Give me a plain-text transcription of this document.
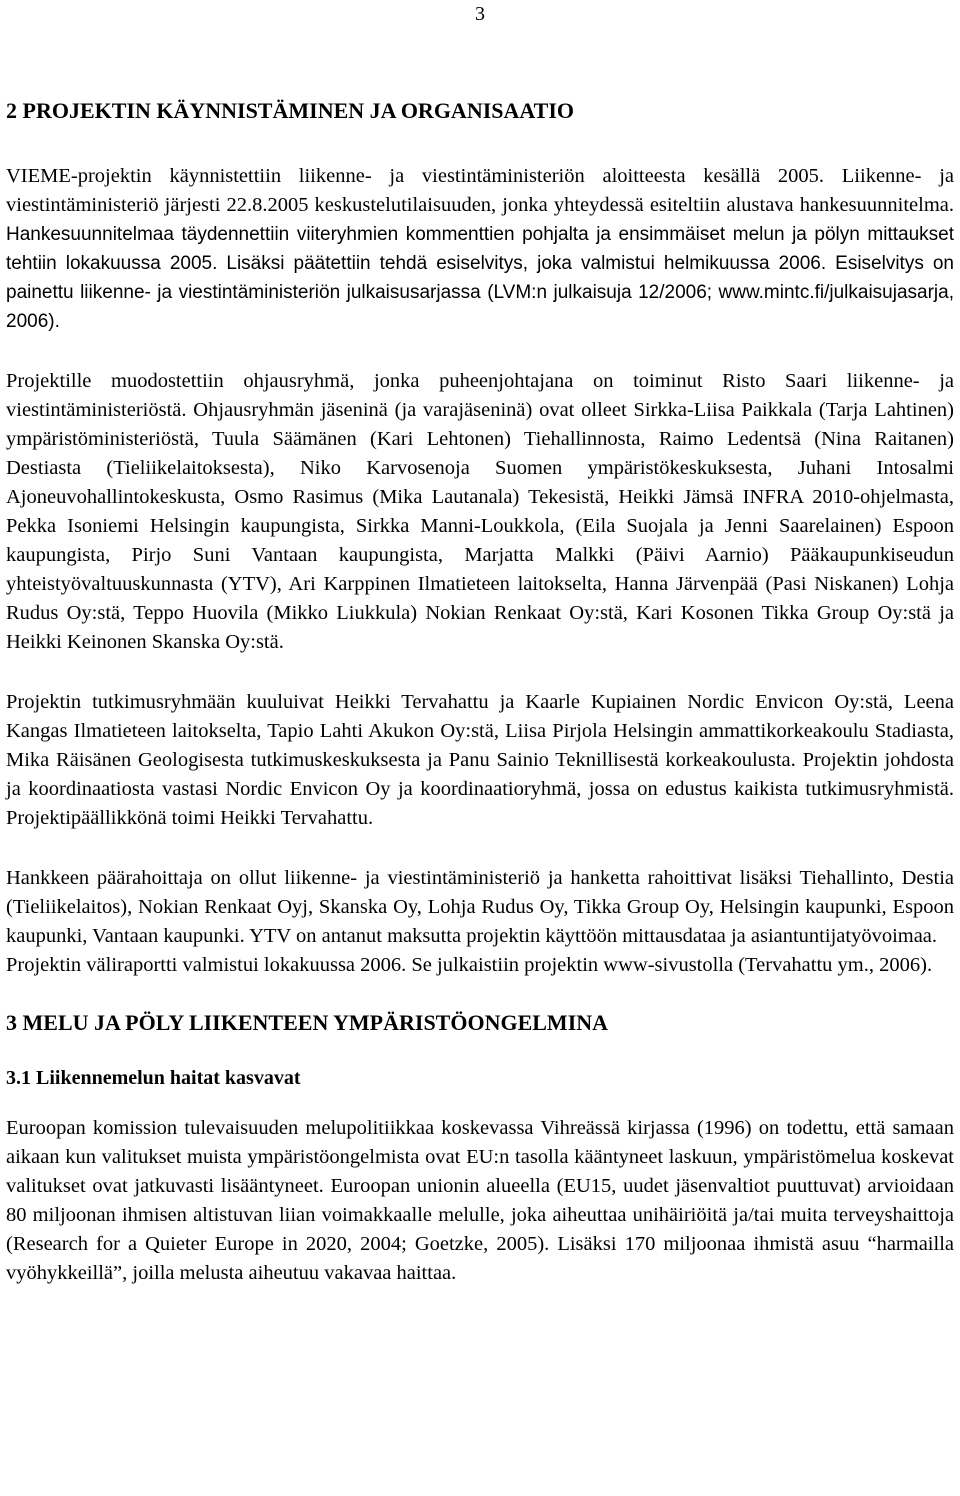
3
2 PROJEKTIN KÄYNNISTÄMINEN JA ORGANISAATIO

VIEME-projektin käynnistettiin liikenne- ja viestintäministeriön aloitteesta kesällä 2005. Liikenne- ja viestintäministeriö järjesti 22.8.2005 keskustelutilaisuuden, jonka yhteydessä esiteltiin alustava hankesuunnitelma. Hankesuunnitelmaa täydennettiin viiteryhmien kommenttien pohjalta ja ensimmäiset melun ja pölyn mittaukset tehtiin lokakuussa 2005. Lisäksi päätettiin tehdä esiselvitys, joka valmistui helmikuussa 2006. Esiselvitys on painettu liikenne- ja viestintäministeriön julkaisusarjassa (LVM:n julkaisuja 12/2006; www.mintc.fi/julkaisujasarja, 2006).

Projektille muodostettiin ohjausryhmä, jonka puheenjohtajana on toiminut Risto Saari liikenne- ja viestintäministeriöstä. Ohjausryhmän jäseninä (ja varajäseninä) ovat olleet Sirkka-Liisa Paikkala (Tarja Lahtinen) ympäristöministeriöstä, Tuula Säämänen (Kari Lehtonen) Tiehallinnosta, Raimo Ledentsä (Nina Raitanen) Destiasta (Tieliikelaitoksesta), Niko Karvosenoja Suomen ympäristökeskuksesta, Juhani Intosalmi Ajoneuvohallintokeskusta, Osmo Rasimus (Mika Lautanala) Tekesistä, Heikki Jämsä INFRA 2010-ohjelmasta, Pekka Isoniemi Helsingin kaupungista, Sirkka Manni-Loukkola, (Eila Suojala ja Jenni Saarelainen) Espoon kaupungista, Pirjo Suni Vantaan kaupungista, Marjatta Malkki (Päivi Aarnio) Pääkaupunkiseudun yhteistyövaltuuskunnasta (YTV), Ari Karppinen Ilmatieteen laitokselta, Hanna Järvenpää (Pasi Niskanen) Lohja Rudus Oy:stä, Teppo Huovila (Mikko Liukkula) Nokian Renkaat Oy:stä, Kari Kosonen Tikka Group Oy:stä ja Heikki Keinonen Skanska Oy:stä.

Projektin tutkimusryhmään kuuluivat Heikki Tervahattu ja Kaarle Kupiainen Nordic Envicon Oy:stä, Leena Kangas Ilmatieteen laitokselta, Tapio Lahti Akukon Oy:stä, Liisa Pirjola Helsingin ammattikorkeakoulu Stadiasta, Mika Räisänen Geologisesta tutkimuskeskuksesta ja Panu Sainio Teknillisestä korkeakoulusta. Projektin johdosta ja koordinaatiosta vastasi Nordic Envicon Oy ja koordinaatioryhmä, jossa on edustus kaikista tutkimusryhmistä. Projektipäällikkönä toimi Heikki Tervahattu.

Hankkeen päärahoittaja on ollut liikenne- ja viestintäministeriö ja hanketta rahoittivat lisäksi Tiehallinto, Destia (Tieliikelaitos), Nokian Renkaat Oyj, Skanska Oy, Lohja Rudus Oy, Tikka Group Oy, Helsingin kaupunki, Espoon kaupunki, Vantaan kaupunki. YTV on antanut maksutta projektin käyttöön mittausdataa ja asiantuntijatyövoimaa.

Projektin väliraportti valmistui lokakuussa 2006. Se julkaistiin projektin www-sivustolla (Tervahattu ym., 2006).

3 MELU JA PÖLY LIIKENTEEN YMPÄRISTÖONGELMINA
3.1 Liikennemelun haitat kasvavat

Euroopan komission tulevaisuuden melupolitiikkaa koskevassa Vihreässä kirjassa (1996) on todettu, että samaan aikaan kun valitukset muista ympäristöongelmista ovat EU:n tasolla kääntyneet laskuun, ympäristömelua koskevat valitukset ovat jatkuvasti lisääntyneet. Euroopan unionin alueella (EU15, uudet jäsenvaltiot puuttuvat) arvioidaan 80 miljoonan ihmisen altistuvan liian voimakkaalle melulle, joka aiheuttaa unihäiriöitä ja/tai muita terveyshaittoja (Research for a Quieter Europe in 2020, 2004; Goetzke, 2005). Lisäksi 170 miljoonaa ihmistä asuu “harmailla vyöhykkeillä”, joilla melusta aiheutuu vakavaa haittaa.
